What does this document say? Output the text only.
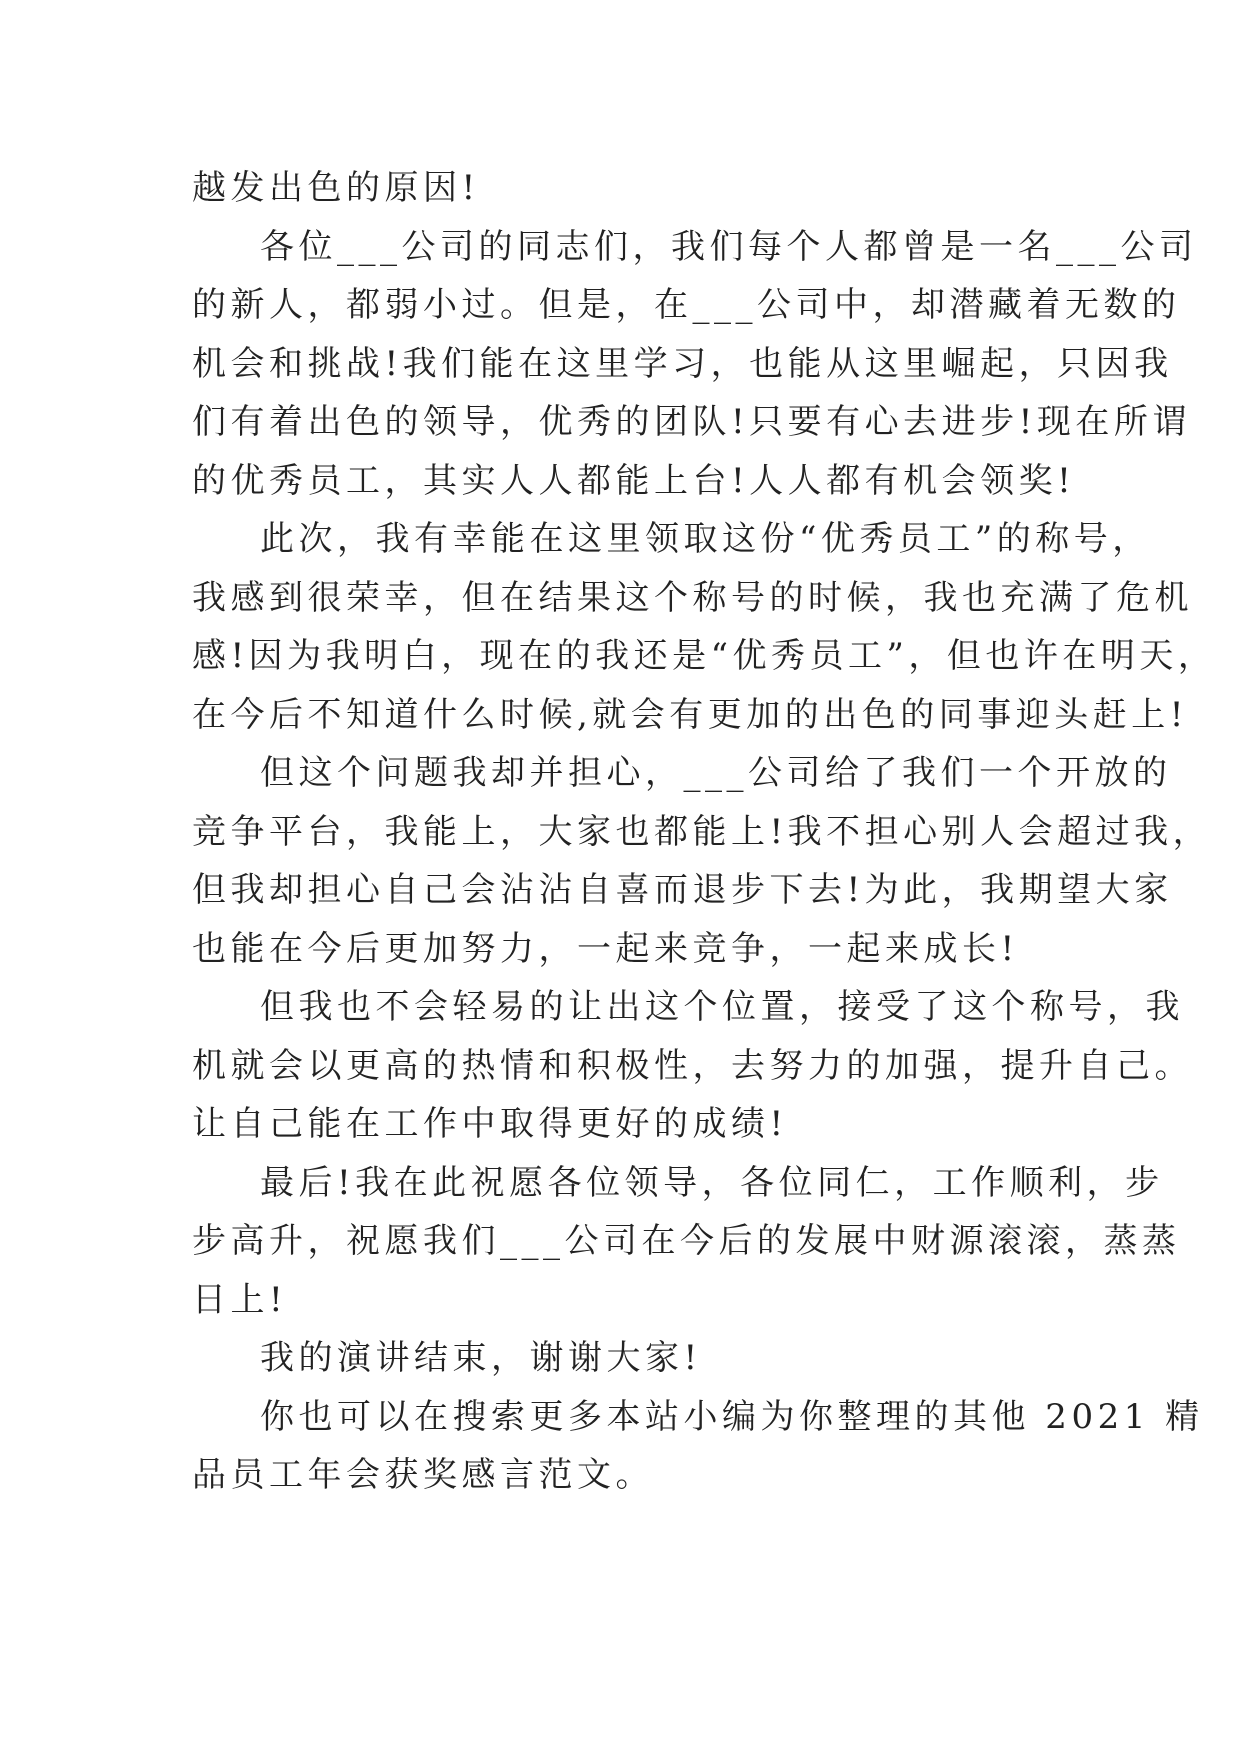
越发出色的原因!
各位___公司的同志们，我们每个人都曾是一名___公司
的新人，都弱小过。但是，在___公司中，却潜藏着无数的
机会和挑战!我们能在这里学习，也能从这里崛起，只因我
们有着出色的领导，优秀的团队!只要有心去进步!现在所谓
的优秀员工，其实人人都能上台!人人都有机会领奖!
此次，我有幸能在这里领取这份“优秀员工”的称号，
我感到很荣幸，但在结果这个称号的时候，我也充满了危机
感!因为我明白，现在的我还是“优秀员工”，但也许在明天，
在今后不知道什么时候,就会有更加的出色的同事迎头赶上!
但这个问题我却并担心，___公司给了我们一个开放的
竞争平台，我能上，大家也都能上!我不担心别人会超过我，
但我却担心自己会沾沾自喜而退步下去!为此，我期望大家
也能在今后更加努力，一起来竞争，一起来成长!
但我也不会轻易的让出这个位置，接受了这个称号，我
机就会以更高的热情和积极性，去努力的加强，提升自己。
让自己能在工作中取得更好的成绩!
最后!我在此祝愿各位领导，各位同仁，工作顺利，步
步高升，祝愿我们___公司在今后的发展中财源滚滚，蒸蒸
日上!
我的演讲结束，谢谢大家!
你也可以在搜索更多本站小编为你整理的其他 2021 精
品员工年会获奖感言范文。
